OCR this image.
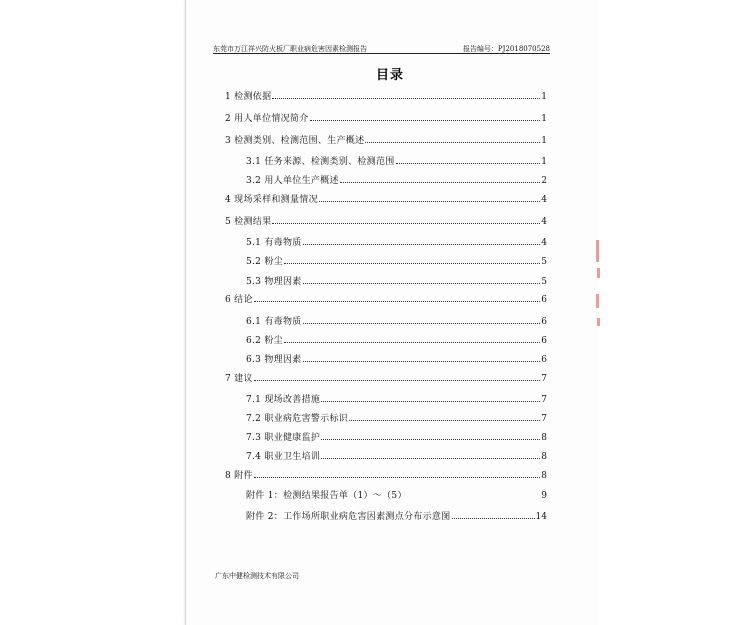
东莞市万江祥兴防火板厂职业病危害因素检测报告	报告编号：PJ2018070528

目录
1 检测依据	1
2 用人单位情况简介	1
3 检测类别、检测范围、生产概述	1
3.1 任务来源、检测类别、检测范围	1
3.2 用人单位生产概述	2
4 现场采样和测量情况	4
5 检测结果	4
5.1 有毒物质	4
5.2 粉尘	5
5.3 物理因素	5
6 结论	6
6.1 有毒物质	6
6.2 粉尘	6
6.3 物理因素	6
7 建议	7
7.1 现场改善措施	7
7.2 职业病危害警示标识	7
7.3 职业健康监护	8
7.4 职业卫生培训	8
8 附件	8
附件 1：检测结果报告单（1）～（5）	9
附件 2：工作场所职业病危害因素测点分布示意图	14
广东中健检测技术有限公司
